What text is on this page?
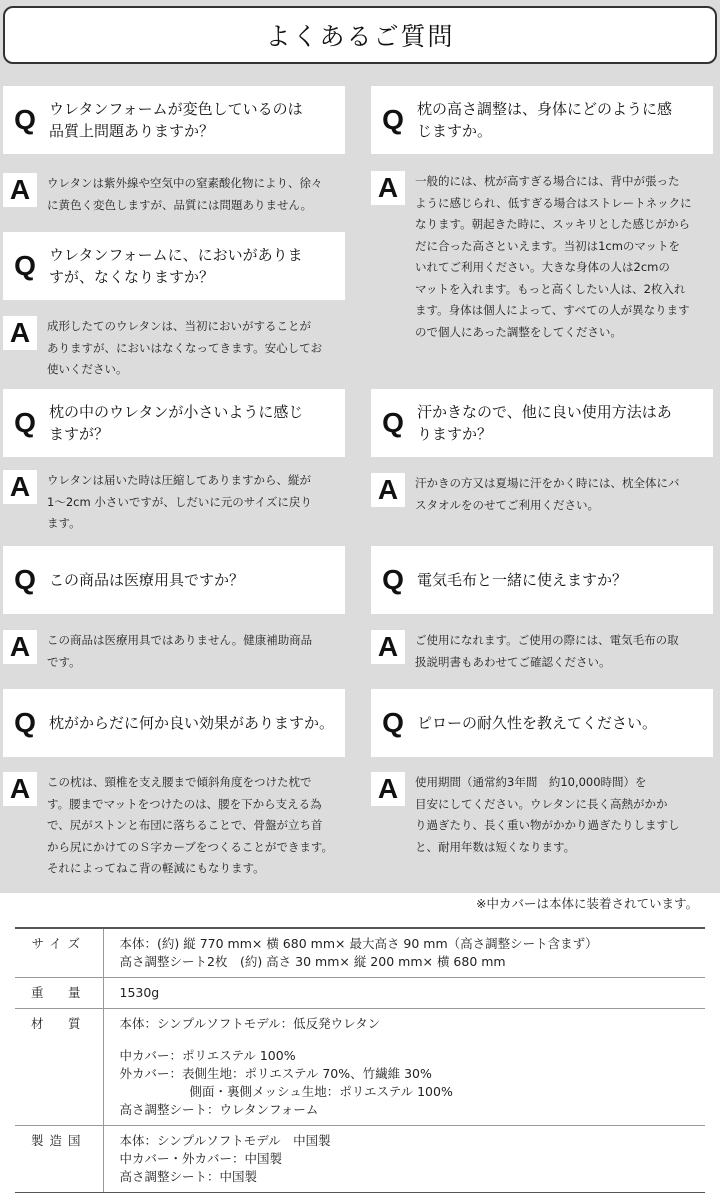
よくあるご質問
Q ウレタンフォームが変色しているのは
品質上問題ありますか？
A	ウレタンは紫外線や空気中の窒素酸化物により、徐々
に黄色く変色しますが、品質には問題ありません。
Q 枕の高さ調整は、身体にどのように感
じますか。
A	一般的には、枕が高すぎる場合には、背中が張った
ように感じられ、低すぎる場合はストレートネックに
なります。朝起きた時に、スッキリとした感じがから
だに合った高さといえます。当初は1cmのマットを
いれてご利用ください。大きな身体の人は2cmの
マットを入れます。もっと高くしたい人は、2枚入れ
ます。身体は個人によって、すべての人が異なります
ので個人にあった調整をしてください。
Q ウレタンフォームに、においがありま
すが、なくなりますか？
A	成形したてのウレタンは、当初においがすることが
ありますが、においはなくなってきます。安心してお
使いください。
Q 枕の中のウレタンが小さいように感じ
ますが？
A	ウレタンは届いた時は圧縮してありますから、縦が
1～2cm 小さいですが、しだいに元のサイズに戻り
ます。
Q 汗かきなので、他に良い使用方法はあ
りますか？
A	汗かきの方又は夏場に汗をかく時には、枕全体にバ
スタオルをのせてご利用ください。
Q この商品は医療用具ですか？
A	この商品は医療用具ではありません。健康補助商品
です。
Q 電気毛布と一緒に使えますか？
A	ご使用になれます。ご使用の際には、電気毛布の取
扱説明書もあわせてご確認ください。
Q 枕がからだに何か良い効果がありますか。
A	この枕は、頸椎を支え腰まで傾斜角度をつけた枕で
す。腰までマットをつけたのは、腰を下から支える為
で、尻がストンと布団に落ちることで、骨盤が立ち首
から尻にかけてのＳ字カーブをつくることができます。
それによってねこ背の軽減にもなります。
Q ピローの耐久性を教えてください。
A	使用期間（通常約3年間　約10,000時間）を
目安にしてください。ウレタンに長く高熱がかか
り過ぎたり、長く重い物がかかり過ぎたりしますし
と、耐用年数は短くなります。
※中カバーは本体に装着されています。
サイズ	本体：(約) 縦 770 mm× 横 680 mm× 最大高さ 90 mm（高さ調整シート含まず）
高さ調整シート2枚　(約) 高さ 30 mm× 縦 200 mm× 横 680 mm

重　量	1530g
材　質	本体：シンプルソフトモデル：低反発ウレタン
中カバー：ポリエステル 100%
外カバー：表側生地：ポリエステル 70%、竹繊維 30%
側面・裏側メッシュ生地：ポリエステル 100%
高さ調整シート：ウレタンフォーム

製造国	本体：シンプルソフトモデル　中国製
中カバー・外カバー：中国製
高さ調整シート：中国製
